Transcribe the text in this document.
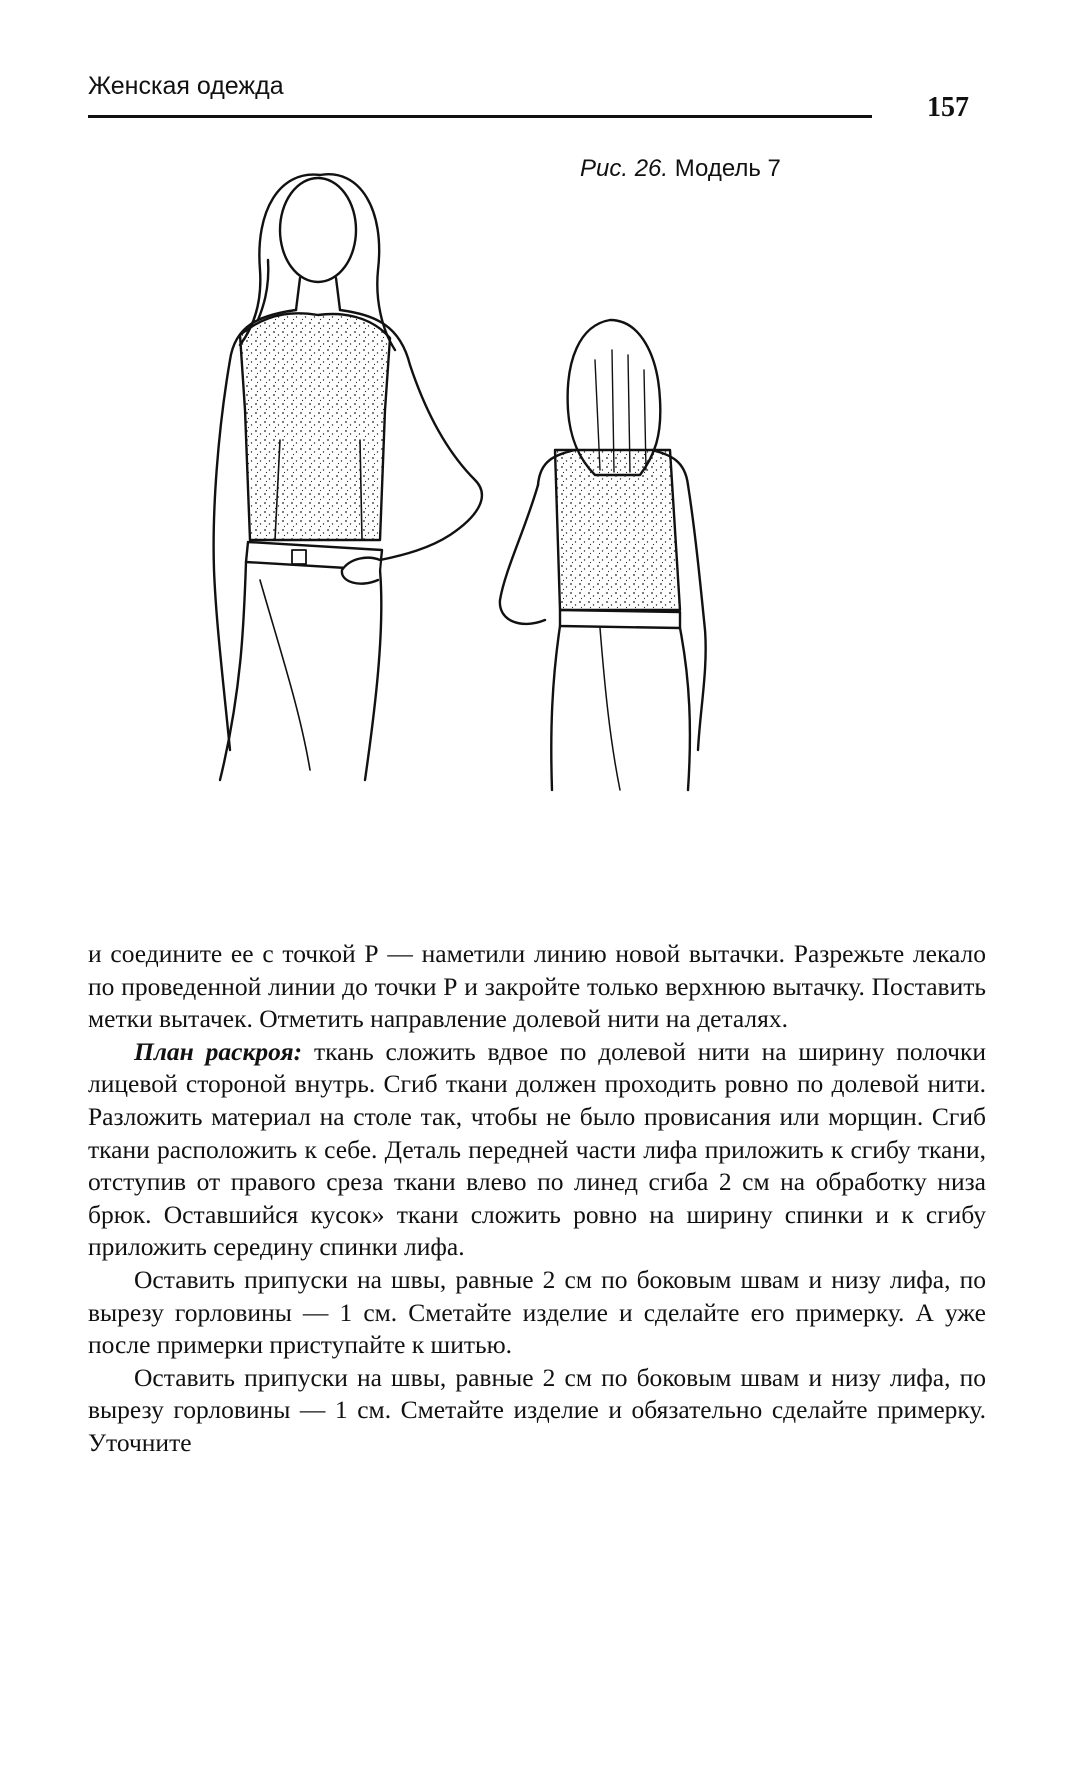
Женская одежда
157
Рис. 26. Модель 7

и соедините ее с точкой Р — наметили линию новой вытачки. Разрежьте лекало по проведенной линии до точки Р и закройте только верхнюю вытачку. Поставить метки вытачек. Отметить направление долевой нити на деталях.

План раскроя: ткань сложить вдвое по долевой нити на ширину полочки лицевой стороной внутрь. Сгиб ткани должен проходить ровно по долевой нити. Разложить материал на столе так, чтобы не было провисания или морщин. Сгиб ткани расположить к себе. Деталь передней части лифа приложить к сгибу ткани, отступив от правого среза ткани влево по линед сгиба 2 см на обработку низа брюк. Оставшийся кусок» ткани сложить ровно на ширину спинки и к сгибу приложить середину спинки лифа.

Оставить припуски на швы, равные 2 см по боковым швам и низу лифа, по вырезу горловины — 1 см. Сметайте изделие и сделайте его примерку. А уже после примерки приступайте к шитью.

Оставить припуски на швы, равные 2 см по боковым швам и низу лифа, по вырезу горловины — 1 см. Сметайте изделие и обязательно сделайте примерку. Уточните
